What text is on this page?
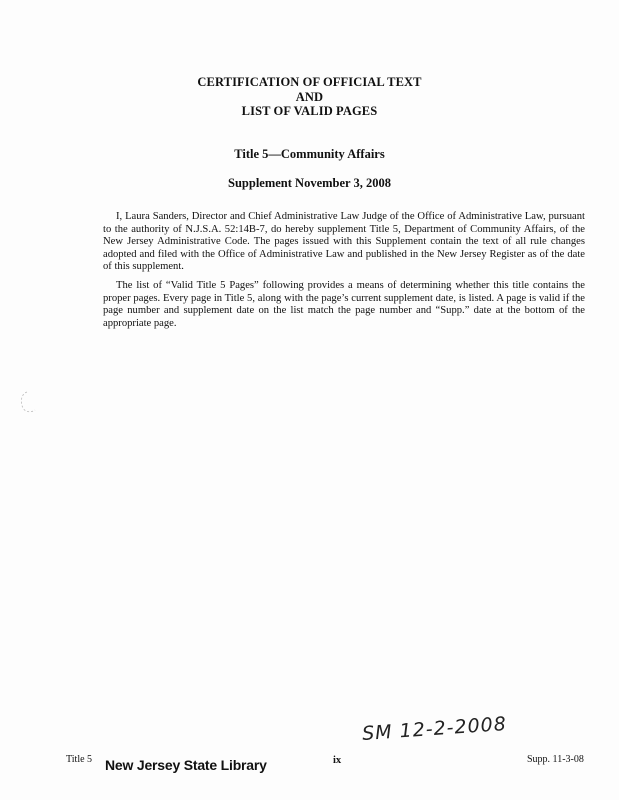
CERTIFICATION OF OFFICIAL TEXT
AND
LIST OF VALID PAGES
Title 5—Community Affairs
Supplement November 3, 2008

I, Laura Sanders, Director and Chief Administrative Law Judge of the Office of Administrative Law, pursuant to the authority of N.J.S.A. 52:14B-7, do hereby supplement Title 5, Department of Community Affairs, of the New Jersey Administrative Code. The pages issued with this Supplement contain the text of all rule changes adopted and filed with the Office of Administrative Law and published in the New Jersey Register as of the date of this supplement.

The list of “Valid Title 5 Pages” following provides a means of determining whether this title contains the proper pages. Every page in Title 5, along with the page’s current supplement date, is listed. A page is valid if the page number and supplement date on the list match the page number and “Supp.” date at the bottom of the appropriate page.

SM 12-2-2008
Title 5 New Jersey State Library	ix	Supp. 11-3-08
